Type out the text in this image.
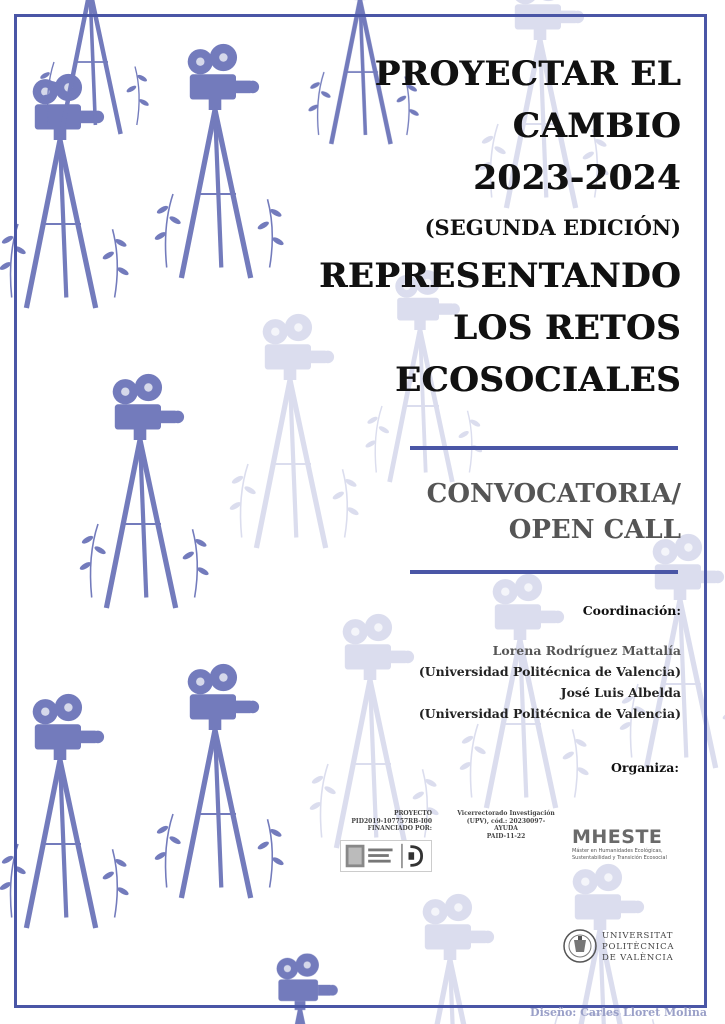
PROYECTAR EL
CAMBIO
2023-2024
(SEGUNDA EDICIÓN)
REPRESENTANDO
LOS RETOS
ECOSOCIALES
CONVOCATORIA/
OPEN CALL
Coordinación:
Lorena Rodríguez Mattalía
(Universidad Politécnica de Valencia)
José Luis Albelda
(Universidad Politécnica de Valencia)
Organiza:
PROYECTO
PID2019-107757RB-I00
FINANCIADO POR:
Vicerrectorado Investigación
(UPV), cód.: 20230097-AYUDA
PAID-11-22	MHESTE
Máster en Humanidades Ecológicas,
Sustentabilidad y Transición Ecosocial
UNIVERSITAT
POLITÈCNICA
DE VALÈNCIA
Diseño: Carles Lloret Molina
